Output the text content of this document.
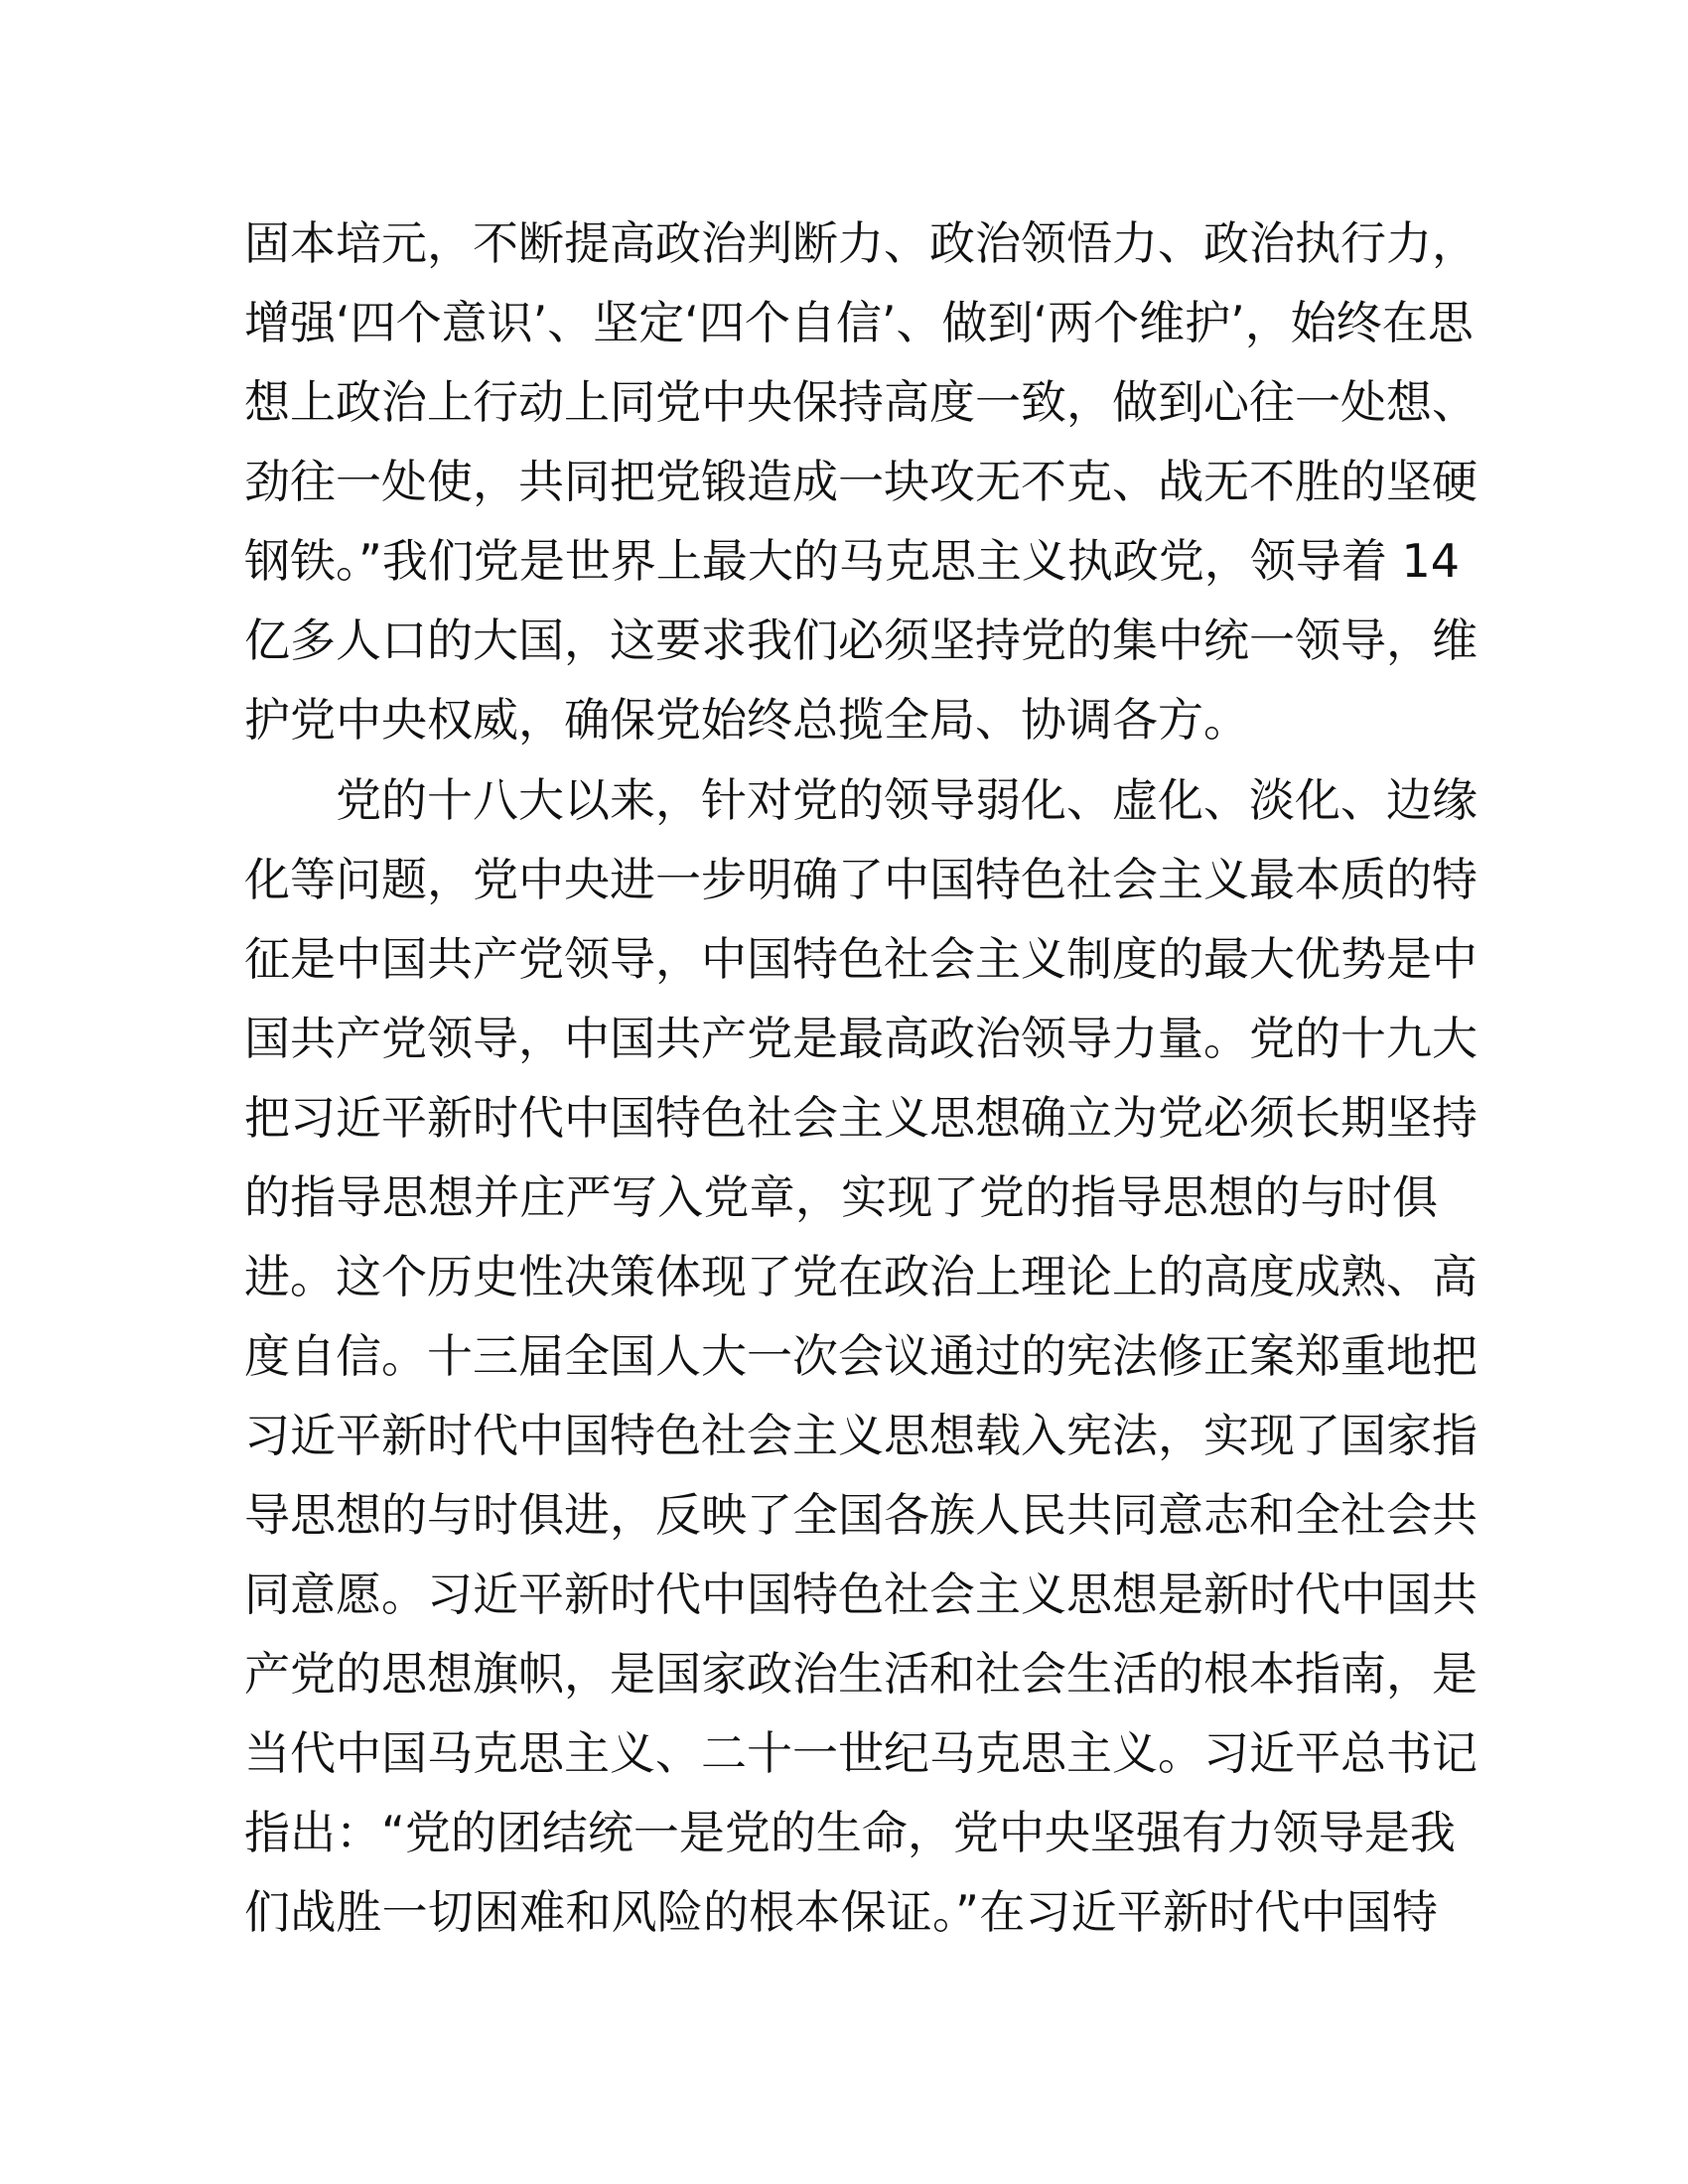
固本培元，不断提高政治判断力、政治领悟力、政治执行力，
增强‘四个意识’、坚定‘四个自信’、做到‘两个维护’，始终在思
想上政治上行动上同党中央保持高度一致，做到心往一处想、
劲往一处使，共同把党锻造成一块攻无不克、战无不胜的坚硬
钢铁。”我们党是世界上最大的马克思主义执政党，领导着 14
亿多人口的大国，这要求我们必须坚持党的集中统一领导，维
护党中央权威，确保党始终总揽全局、协调各方。
党的十八大以来，针对党的领导弱化、虚化、淡化、边缘
化等问题，党中央进一步明确了中国特色社会主义最本质的特
征是中国共产党领导，中国特色社会主义制度的最大优势是中
国共产党领导，中国共产党是最高政治领导力量。党的十九大
把习近平新时代中国特色社会主义思想确立为党必须长期坚持
的指导思想并庄严写入党章，实现了党的指导思想的与时俱
进。这个历史性决策体现了党在政治上理论上的高度成熟、高
度自信。十三届全国人大一次会议通过的宪法修正案郑重地把
习近平新时代中国特色社会主义思想载入宪法，实现了国家指
导思想的与时俱进，反映了全国各族人民共同意志和全社会共
同意愿。习近平新时代中国特色社会主义思想是新时代中国共
产党的思想旗帜，是国家政治生活和社会生活的根本指南，是
当代中国马克思主义、二十一世纪马克思主义。习近平总书记
指出：“党的团结统一是党的生命，党中央坚强有力领导是我
们战胜一切困难和风险的根本保证。”在习近平新时代中国特
